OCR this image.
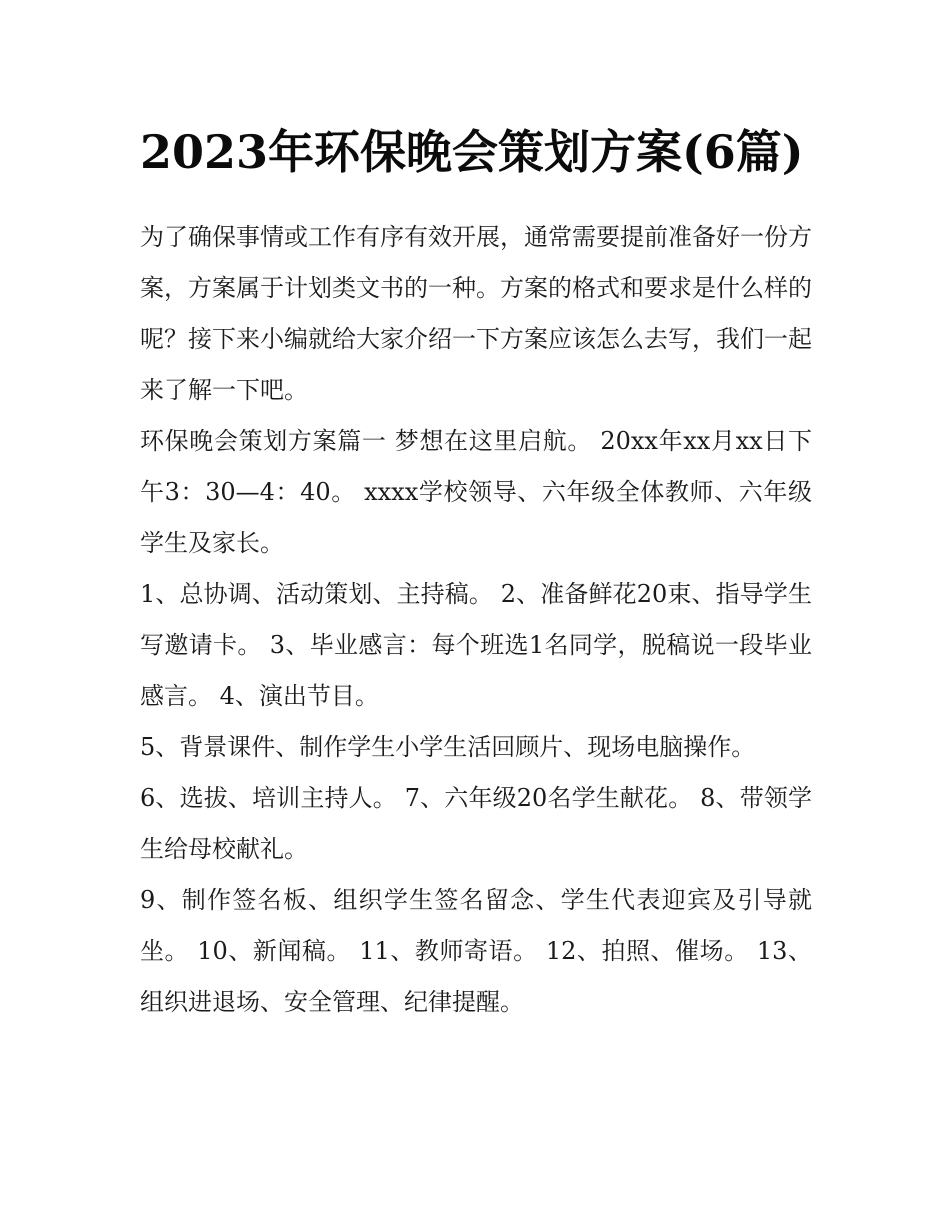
2023年环保晚会策划方案(6篇)

为了确保事情或工作有序有效开展，通常需要提前准备好一份方案，方案属于计划类文书的一种。方案的格式和要求是什么样的呢？接下来小编就给大家介绍一下方案应该怎么去写，我们一起来了解一下吧。

环保晚会策划方案篇一 梦想在这里启航。 20xx年xx月xx日下午3：30—4：40。 xxxx学校领导、六年级全体教师、六年级学生及家长。

1、总协调、活动策划、主持稿。 2、准备鲜花20束、指导学生写邀请卡。 3、毕业感言：每个班选1名同学，脱稿说一段毕业感言。 4、演出节目。

5、背景课件、制作学生小学生活回顾片、现场电脑操作。

6、选拔、培训主持人。 7、六年级20名学生献花。 8、带领学生给母校献礼。

9、制作签名板、组织学生签名留念、学生代表迎宾及引导就坐。 10、新闻稿。 11、教师寄语。 12、拍照、催场。 13、组织进退场、安全管理、纪律提醒。
